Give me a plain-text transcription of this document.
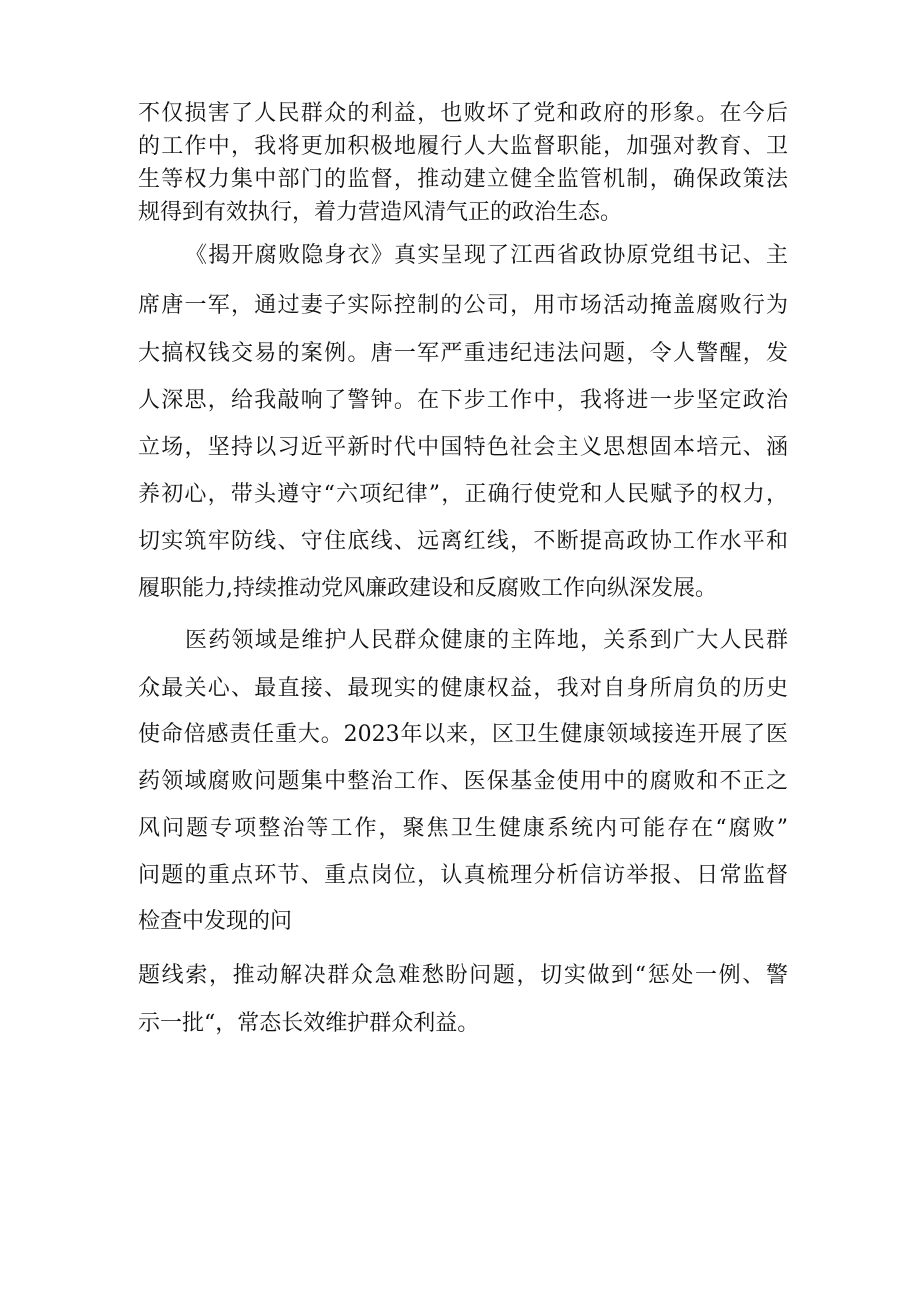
不仅损害了人民群众的利益，也败坏了党和政府的形象。在今后
的工作中，我将更加积极地履行人大监督职能，加强对教育、卫
生等权力集中部门的监督，推动建立健全监管机制，确保政策法
规得到有效执行，着力营造风清气正的政治生态。
《揭开腐败隐身衣》真实呈现了江西省政协原党组书记、主
席唐一军，通过妻子实际控制的公司，用市场活动掩盖腐败行为
大搞权钱交易的案例。唐一军严重违纪违法问题，令人警醒，发
人深思，给我敲响了警钟。在下步工作中，我将进一步坚定政治
立场，坚持以习近平新时代中国特色社会主义思想固本培元、涵
养初心，带头遵守“六项纪律”，正确行使党和人民赋予的权力，
切实筑牢防线、守住底线、远离红线，不断提高政协工作水平和
履职能力,持续推动党风廉政建设和反腐败工作向纵深发展。
医药领域是维护人民群众健康的主阵地，关系到广大人民群
众最关心、最直接、最现实的健康权益，我对自身所肩负的历史
使命倍感责任重大。2023年以来，区卫生健康领域接连开展了医
药领域腐败问题集中整治工作、医保基金使用中的腐败和不正之
风问题专项整治等工作，聚焦卫生健康系统内可能存在“腐败”
问题的重点环节、重点岗位，认真梳理分析信访举报、日常监督
检查中发现的问
题线索，推动解决群众急难愁盼问题，切实做到“惩处一例、警
示一批“，常态长效维护群众利益。
